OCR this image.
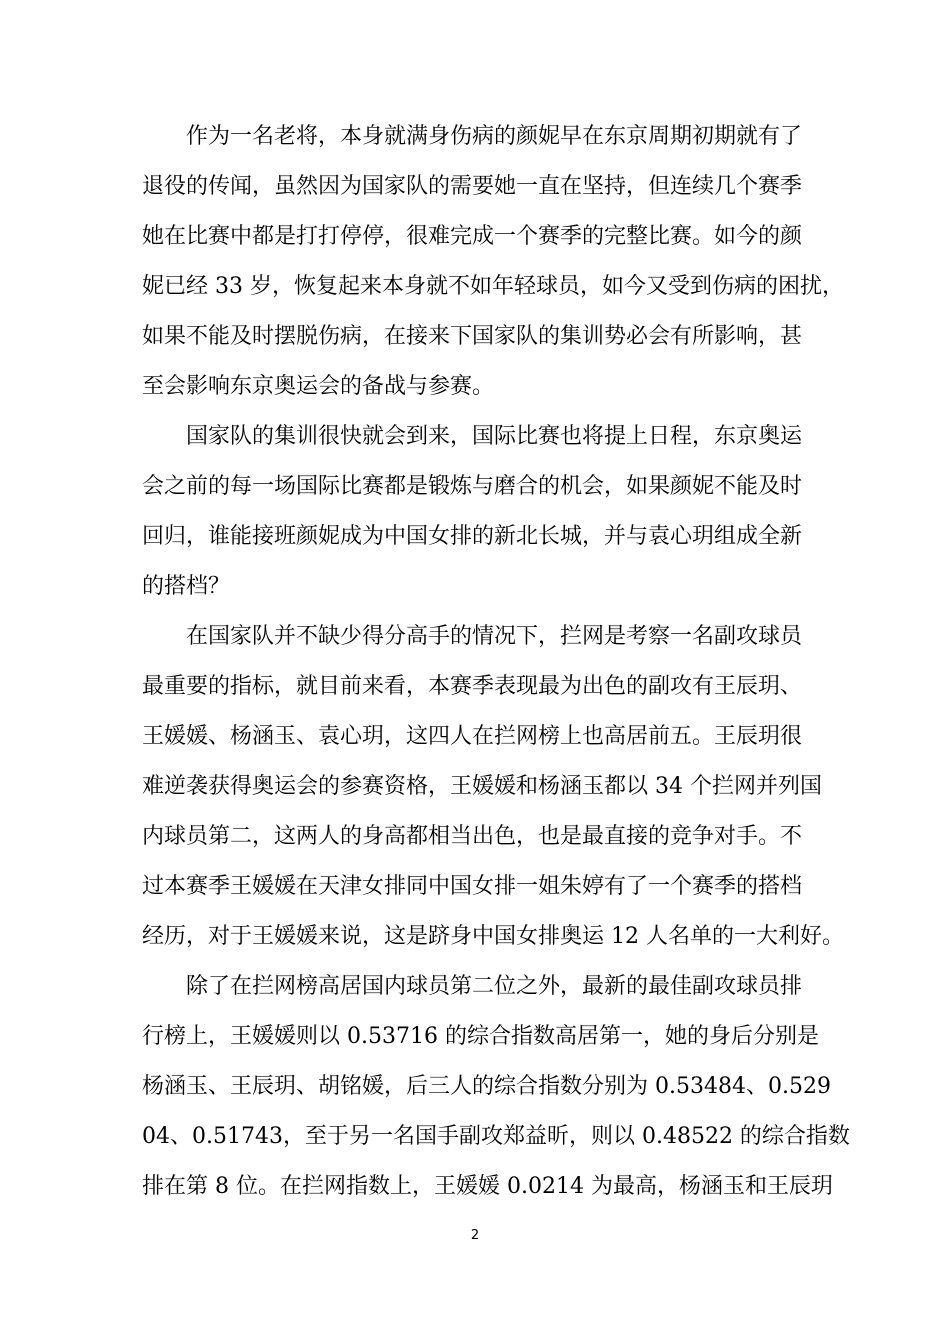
作为一名老将，本身就满身伤病的颜妮早在东京周期初期就有了
退役的传闻，虽然因为国家队的需要她一直在坚持，但连续几个赛季
她在比赛中都是打打停停，很难完成一个赛季的完整比赛。如今的颜
妮已经 33 岁，恢复起来本身就不如年轻球员，如今又受到伤病的困扰，
如果不能及时摆脱伤病，在接来下国家队的集训势必会有所影响，甚
至会影响东京奥运会的备战与参赛。
国家队的集训很快就会到来，国际比赛也将提上日程，东京奥运
会之前的每一场国际比赛都是锻炼与磨合的机会，如果颜妮不能及时
回归，谁能接班颜妮成为中国女排的新北长城，并与袁心玥组成全新
的搭档？
在国家队并不缺少得分高手的情况下，拦网是考察一名副攻球员
最重要的指标，就目前来看，本赛季表现最为出色的副攻有王辰玥、
王媛媛、杨涵玉、袁心玥，这四人在拦网榜上也高居前五。王辰玥很
难逆袭获得奥运会的参赛资格，王媛媛和杨涵玉都以 34 个拦网并列国
内球员第二，这两人的身高都相当出色，也是最直接的竞争对手。不
过本赛季王媛媛在天津女排同中国女排一姐朱婷有了一个赛季的搭档
经历，对于王媛媛来说，这是跻身中国女排奥运 12 人名单的一大利好。
除了在拦网榜高居国内球员第二位之外，最新的最佳副攻球员排
行榜上，王媛媛则以 0.53716 的综合指数高居第一，她的身后分别是
杨涵玉、王辰玥、胡铭媛，后三人的综合指数分别为 0.53484、0.529
04、0.51743，至于另一名国手副攻郑益昕，则以 0.48522 的综合指数
排在第 8 位。在拦网指数上，王媛媛 0.0214 为最高，杨涵玉和王辰玥
2
